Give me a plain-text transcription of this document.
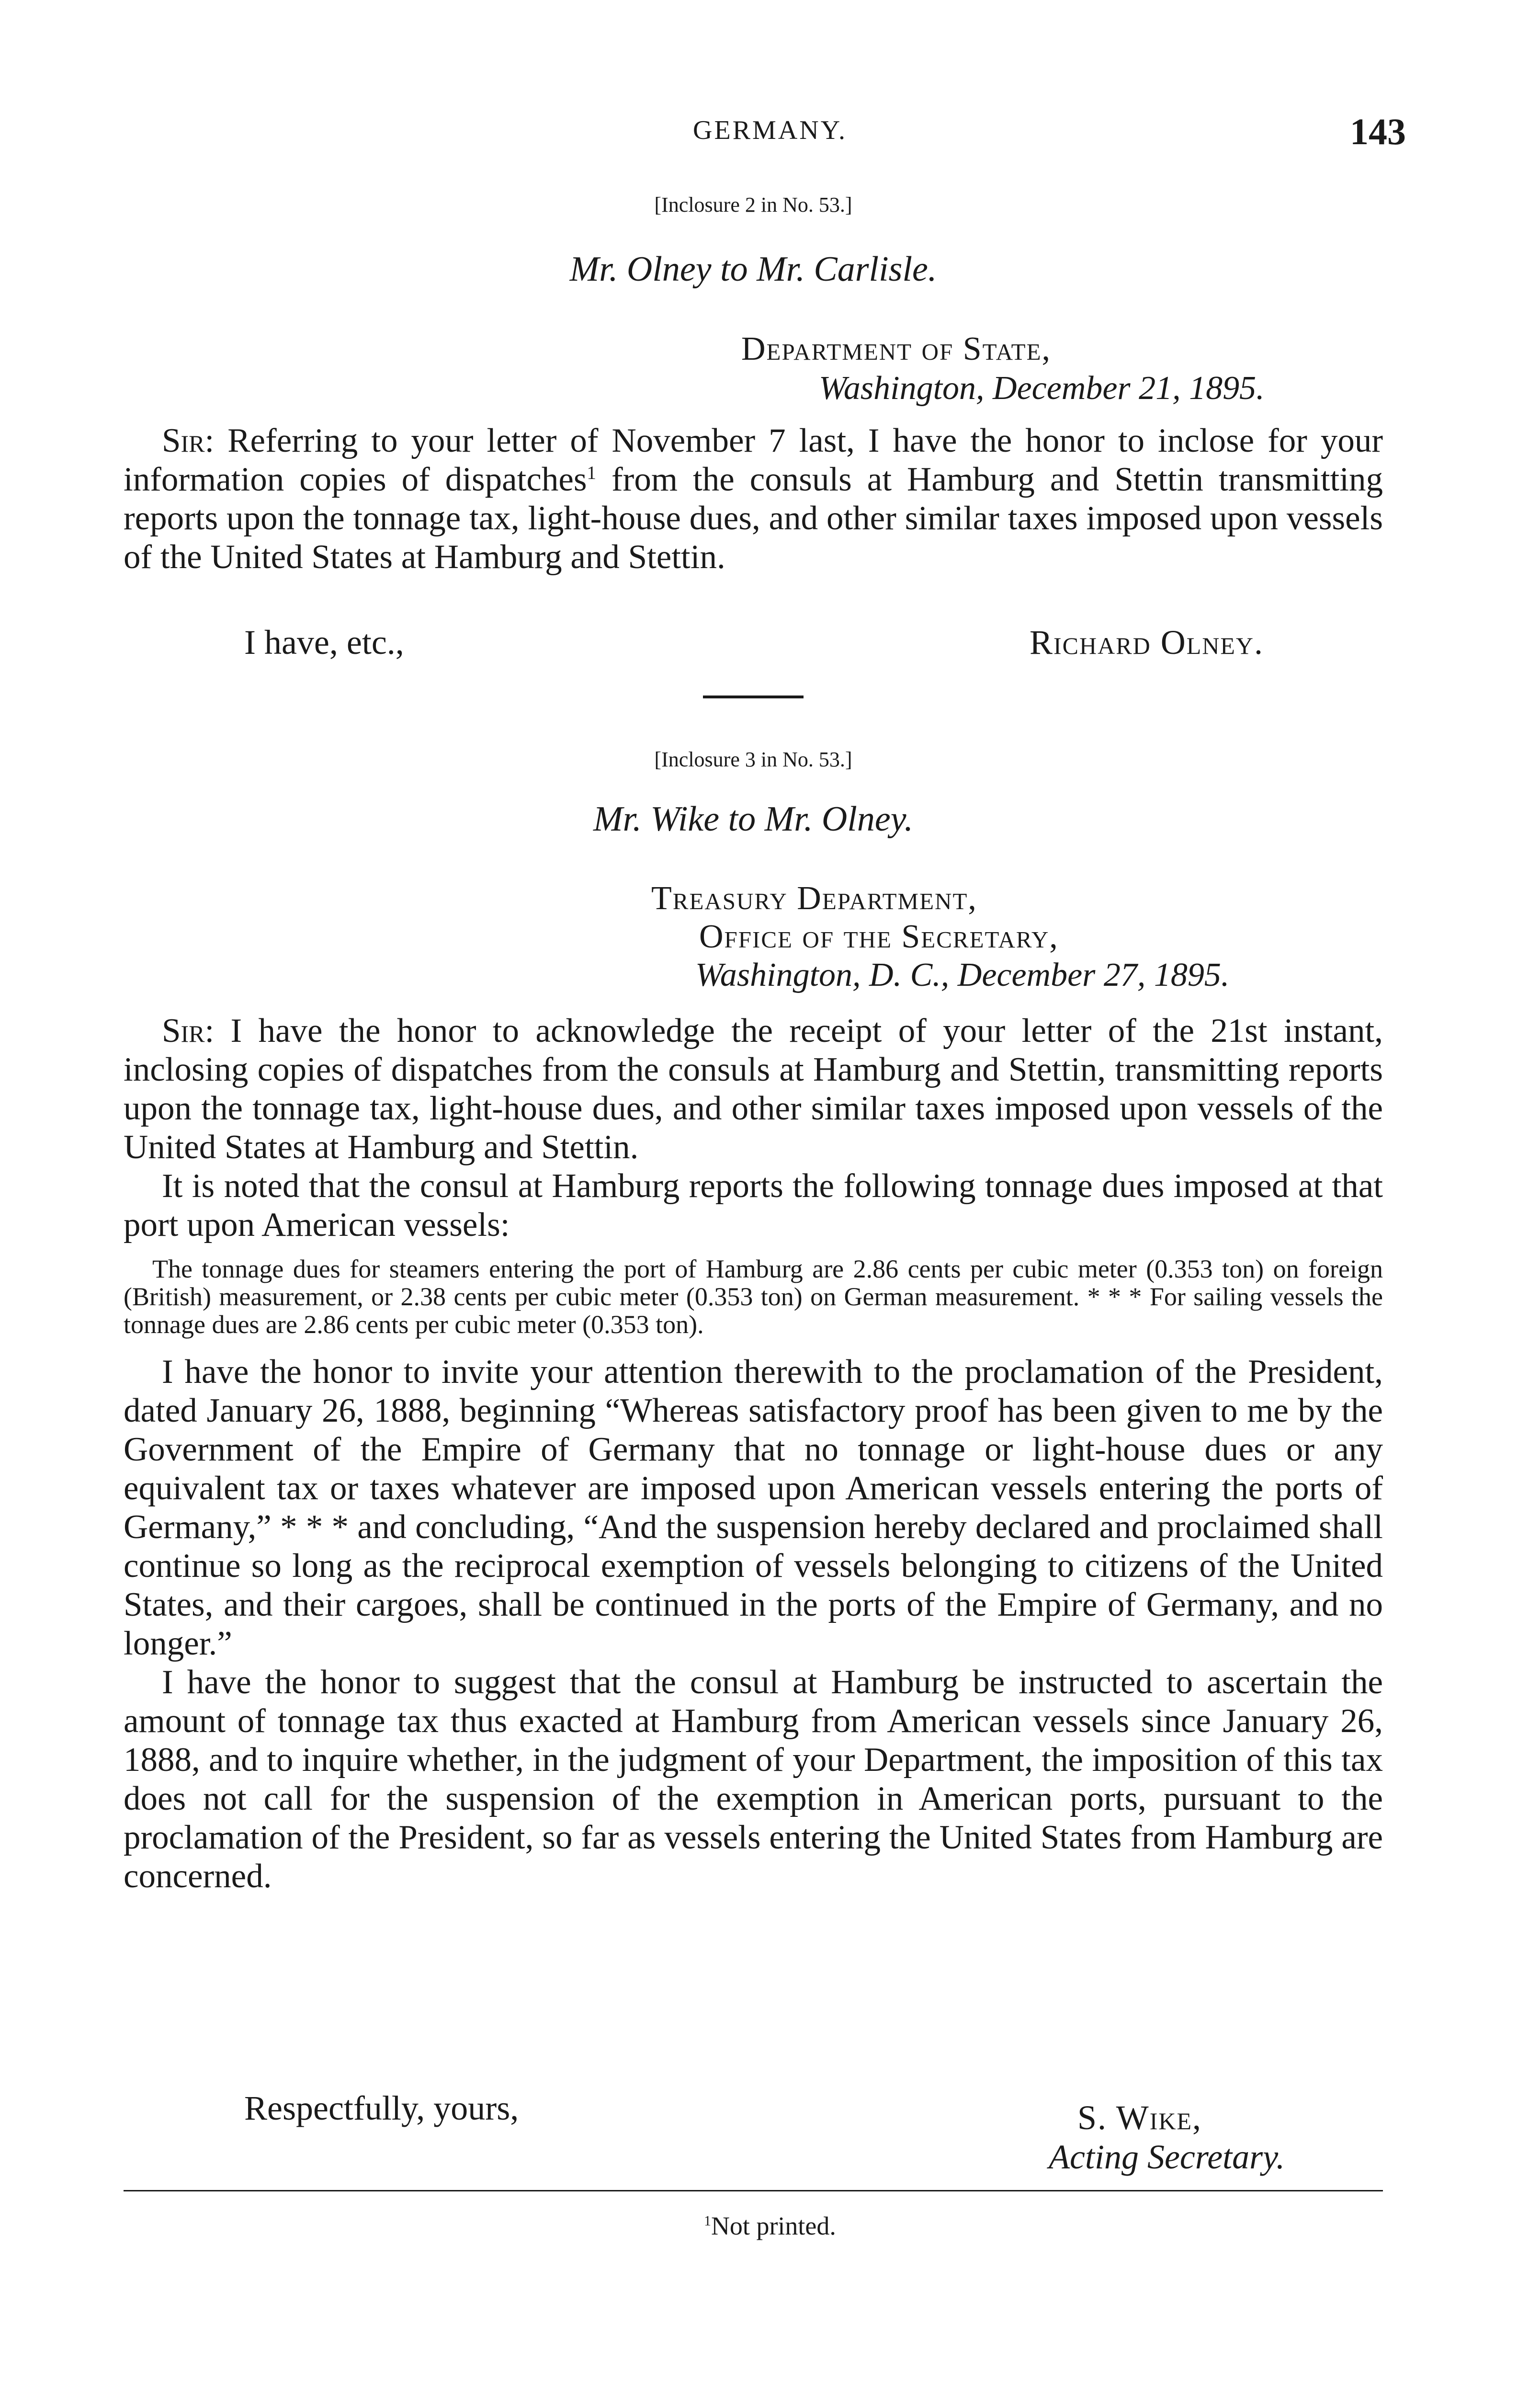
GERMANY.	143
[Inclosure 2 in No. 53.]
Mr. Olney to Mr. Carlisle.
Department of State,
Washington, December 21, 1895.

Sir: Referring to your letter of November 7 last, I have the honor to inclose for your information copies of dispatches$^1$ from the consuls at Hamburg and Stettin transmitting reports upon the tonnage tax, light-house dues, and other similar taxes imposed upon vessels of the United States at Hamburg and Stettin.

I have, etc.,	Richard Olney.
[Inclosure 3 in No. 53.]
Mr. Wike to Mr. Olney.
Treasury Department,
Office of the Secretary,
Washington, D. C., December 27, 1895.

Sir: I have the honor to acknowledge the receipt of your letter of the 21st instant, inclosing copies of dispatches from the consuls at Hamburg and Stettin, transmitting reports upon the tonnage tax, light-house dues, and other similar taxes imposed upon vessels of the United States at Hamburg and Stettin.

It is noted that the consul at Hamburg reports the following tonnage dues imposed at that port upon American vessels:

The tonnage dues for steamers entering the port of Hamburg are 2.86 cents per cubic meter (0.353 ton) on foreign (British) measurement, or 2.38 cents per cubic meter (0.353 ton) on German measurement. * * * For sailing vessels the tonnage dues are 2.86 cents per cubic meter (0.353 ton).

I have the honor to invite your attention therewith to the proclamation of the President, dated January 26, 1888, beginning “Whereas satisfactory proof has been given to me by the Government of the Empire of Germany that no tonnage or light-house dues or any equivalent tax or taxes whatever are imposed upon American vessels entering the ports of Germany,” * * * and concluding, “And the suspension hereby declared and proclaimed shall continue so long as the reciprocal exemption of vessels belonging to citizens of the United States, and their cargoes, shall be continued in the ports of the Empire of Germany, and no longer.”

I have the honor to suggest that the consul at Hamburg be instructed to ascertain the amount of tonnage tax thus exacted at Hamburg from American vessels since January 26, 1888, and to inquire whether, in the judgment of your Department, the imposition of this tax does not call for the suspension of the exemption in American ports, pursuant to the proclamation of the President, so far as vessels entering the United States from Hamburg are concerned.

Respectfully, yours,	S. Wike,
Acting Secretary.
$^1$Not printed.
